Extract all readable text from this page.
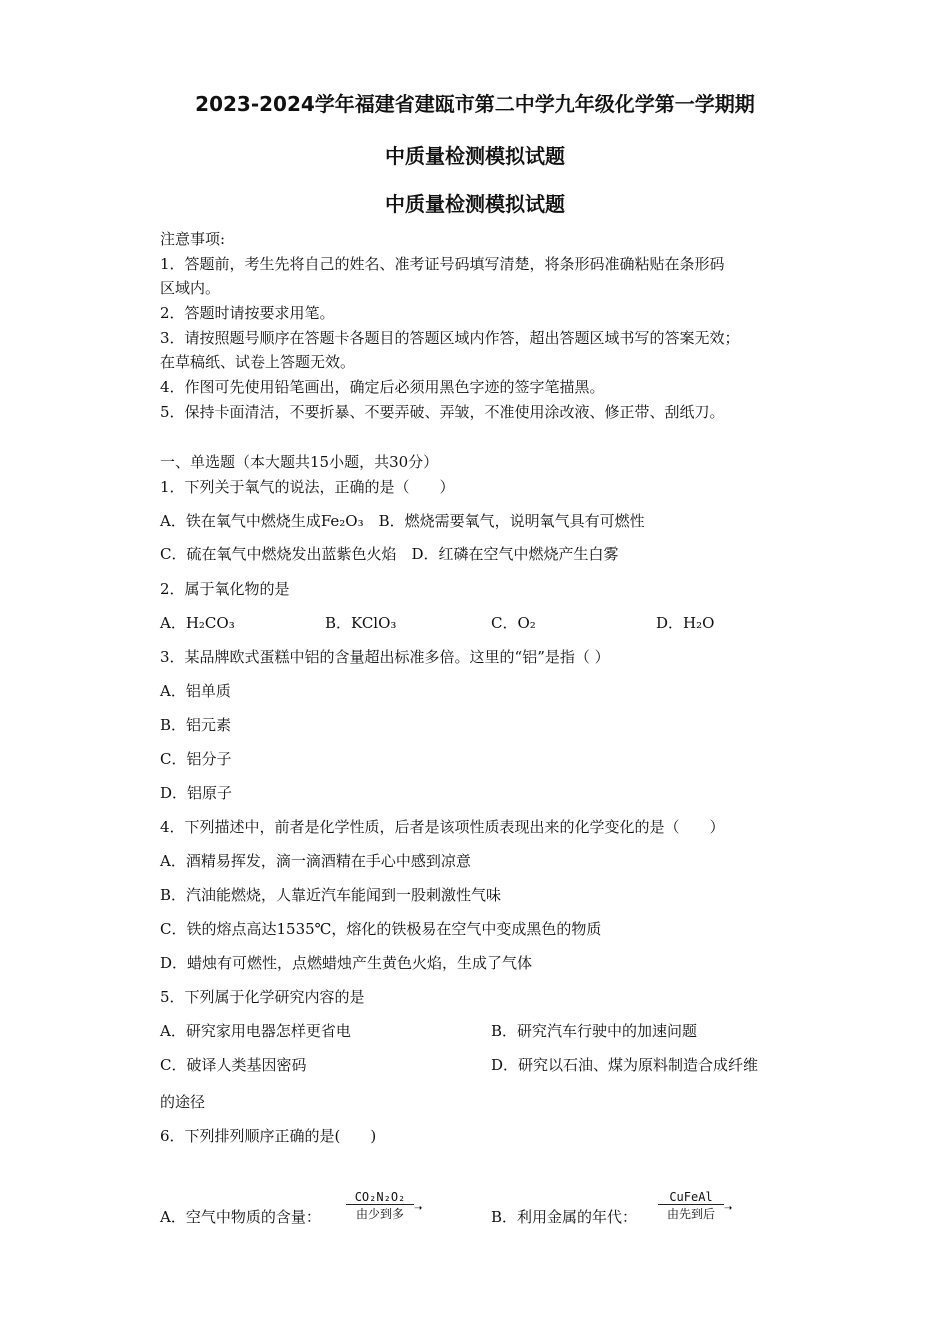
2023-2024学年福建省建瓯市第二中学九年级化学第一学期期
中质量检测模拟试题
中质量检测模拟试题
注意事项:
1．答题前，考生先将自己的姓名、准考证号码填写清楚，将条形码准确粘贴在条形码
区域内。
2．答题时请按要求用笔。
3．请按照题号顺序在答题卡各题目的答题区域内作答，超出答题区域书写的答案无效；
在草稿纸、试卷上答题无效。
4．作图可先使用铅笔画出，确定后必须用黑色字迹的签字笔描黑。
5．保持卡面清洁，不要折暴、不要弄破、弄皱，不准使用涂改液、修正带、刮纸刀。
一、单选题（本大题共15小题，共30分）
1．下列关于氧气的说法，正确的是（　　）
A．铁在氧气中燃烧生成Fe₂O₃　B．燃烧需要氧气，说明氧气具有可燃性
C．硫在氧气中燃烧发出蓝紫色火焰　D．红磷在空气中燃烧产生白雾
2．属于氧化物的是
A．H₂CO₃	B．KClO₃	C．O₂	D．H₂O
3．某品牌欧式蛋糕中铝的含量超出标准多倍。这里的“铝”是指（ ）
A．铝单质
B．铝元素
C．铝分子
D．铝原子
4．下列描述中，前者是化学性质，后者是该项性质表现出来的化学变化的是（　　）
A．酒精易挥发，滴一滴酒精在手心中感到凉意
B．汽油能燃烧，人靠近汽车能闻到一股刺激性气味
C．铁的熔点高达1535℃，熔化的铁极易在空气中变成黑色的物质
D．蜡烛有可燃性，点燃蜡烛产生黄色火焰，生成了气体
5．下列属于化学研究内容的是
A．研究家用电器怎样更省电	B．研究汽车行驶中的加速问题
C．破译人类基因密码	D．研究以石油、煤为原料制造合成纤维
的途径
6．下列排列顺序正确的是(　　)
A．空气中物质的含量：
CO₂N₂O₂
由少到多	➝	B．利用金属的年代：
CuFeAl
由先到后 ➝
